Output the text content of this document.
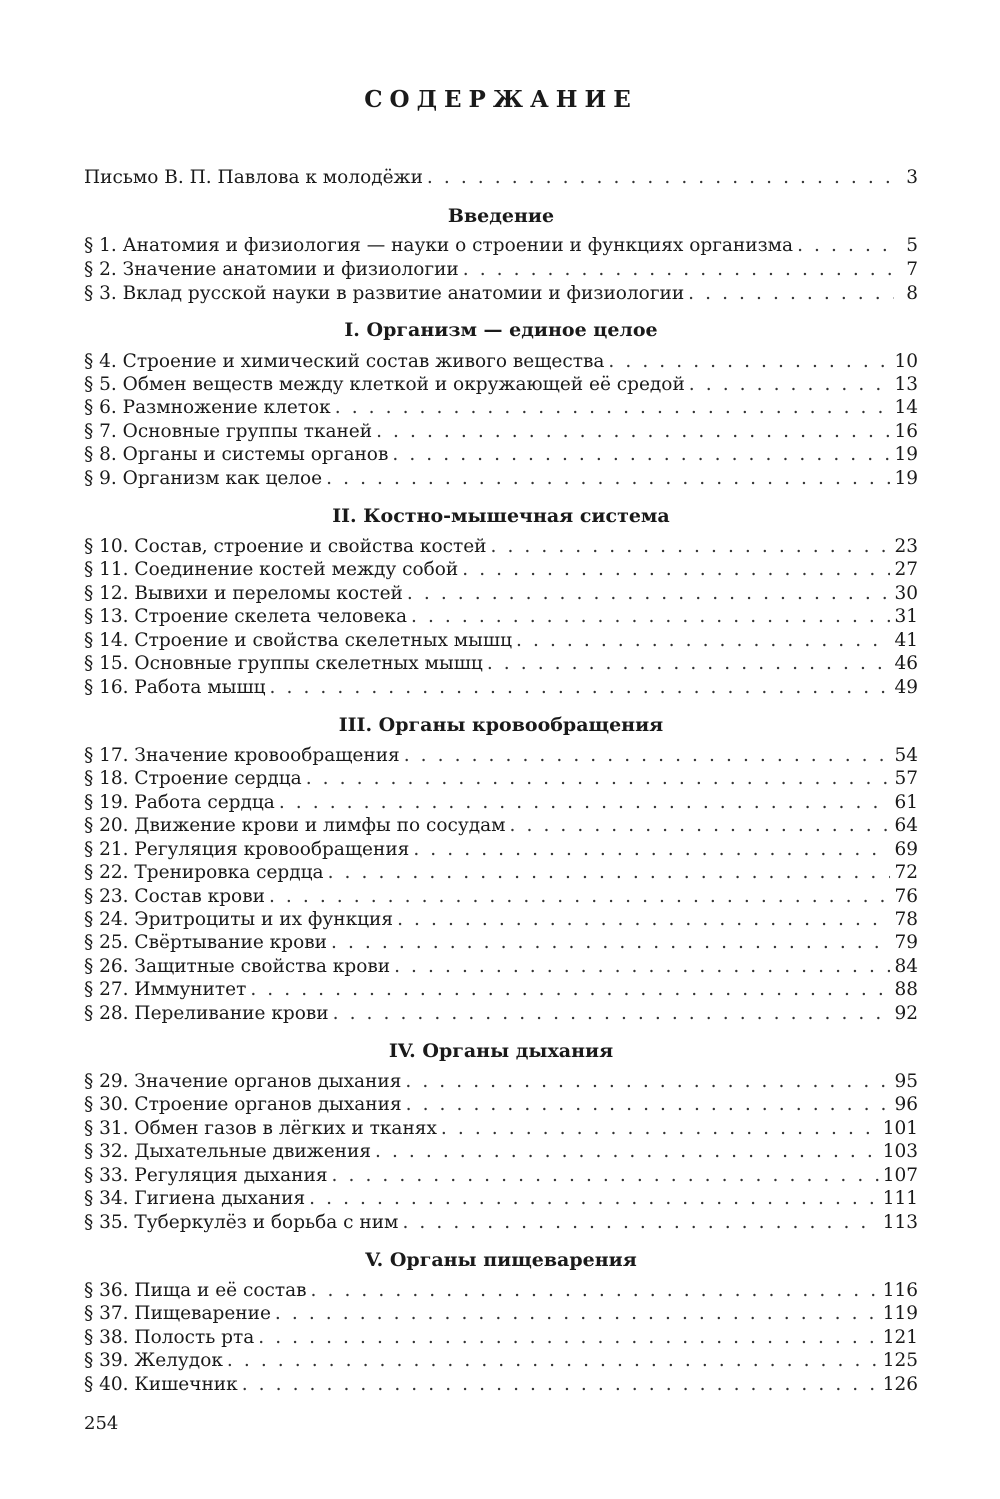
СОДЕРЖАНИЕ
Письмо В. П. Павлова к молодёжи . . .	3
Введение
§ 1. Анатомия и физиология — науки о строении и функциях организма . . .	5
§ 2. Значение анатомии и физиологии . . .	7
§ 3. Вклад русской науки в развитие анатомии и физиологии . . .	8
I. Организм — единое целое
§ 4. Строение и химический состав живого вещества . . .	10
§ 5. Обмен веществ между клеткой и окружающей её средой . . .	13
§ 6. Размножение клеток . . .	14
§ 7. Основные группы тканей . . .	16
§ 8. Органы и системы органов . . .	19
§ 9. Организм как целое . . .	19
II. Костно-мышечная система
§ 10. Состав, строение и свойства костей . . .	23
§ 11. Соединение костей между собой . . .	27
§ 12. Вывихи и переломы костей . . .	30
§ 13. Строение скелета человека . . .	31
§ 14. Строение и свойства скелетных мышц . . .	41
§ 15. Основные группы скелетных мышц . . .	46
§ 16. Работа мышц . . .	49
III. Органы кровообращения
§ 17. Значение кровообращения . . .	54
§ 18. Строение сердца . . .	57
§ 19. Работа сердца . . .	61
§ 20. Движение крови и лимфы по сосудам . . .	64
§ 21. Регуляция кровообращения . . .	69
§ 22. Тренировка сердца . . .	72
§ 23. Состав крови . . .	76
§ 24. Эритроциты и их функция . . .	78
§ 25. Свёртывание крови . . .	79
§ 26. Защитные свойства крови . . .	84
§ 27. Иммунитет . . .	88
§ 28. Переливание крови . . .	92
IV. Органы дыхания
§ 29. Значение органов дыхания . . .	95
§ 30. Строение органов дыхания . . .	96
§ 31. Обмен газов в лёгких и тканях . . .	101
§ 32. Дыхательные движения . . .	103
§ 33. Регуляция дыхания . . .	107
§ 34. Гигиена дыхания . . .	111
§ 35. Туберкулёз и борьба с ним . . .	113
V. Органы пищеварения
§ 36. Пища и её состав . . .	116
§ 37. Пищеварение . . .	119
§ 38. Полость рта . . .	121
§ 39. Желудок . . .	125
§ 40. Кишечник . . .	126
254
